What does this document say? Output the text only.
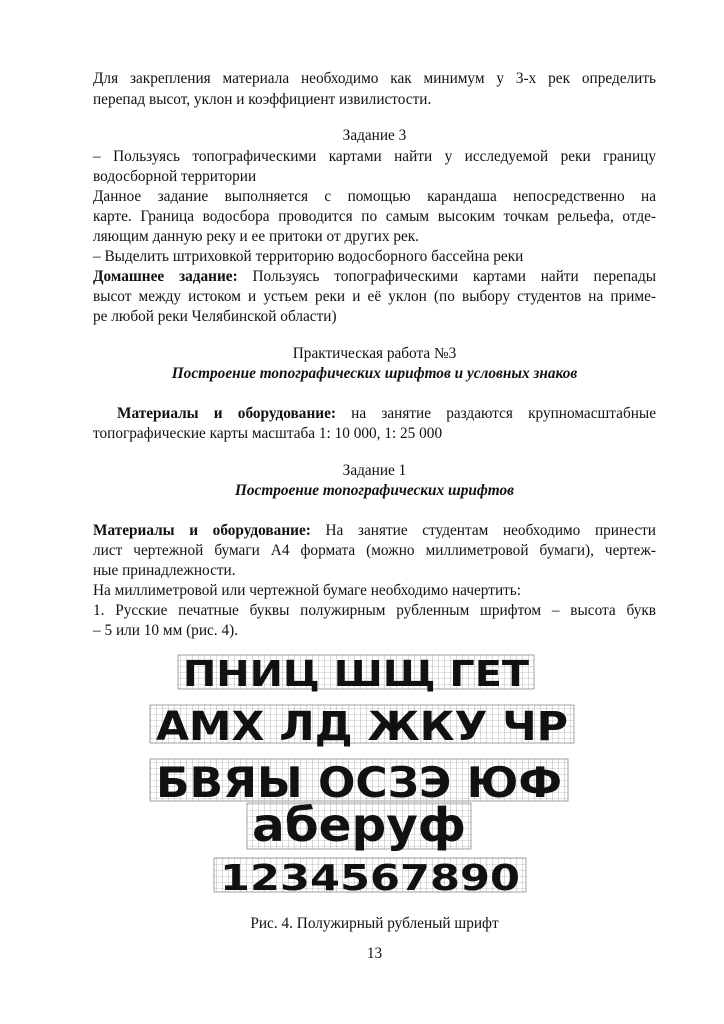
Для закрепления материала необходимо как минимум у 3-х рек определить
перепад высот, уклон и коэффициент извилистости.
Задание 3
– Пользуясь топографическими картами найти у исследуемой реки границу
водосборной территории
Данное задание выполняется с помощью карандаша непосредственно на
карте. Граница водосбора проводится по самым высоким точкам рельефа, отде-
ляющим данную реку и ее притоки от других рек.
– Выделить штриховкой территорию водосборного бассейна реки
Домашнее задание: Пользуясь топографическими картами найти перепады
высот между истоком и устьем реки и её уклон (по выбору студентов на приме-
ре любой реки Челябинской области)
Практическая работа №3
Построение топографических шрифтов и условных знаков
Материалы и оборудование: на занятие раздаются крупномасштабные
топографические карты масштаба 1: 10 000, 1: 25 000
Задание 1
Построение топографических шрифтов
Материалы и оборудование: На занятие студентам необходимо принести
лист чертежной бумаги А4 формата (можно миллиметровой бумаги), чертеж-
ные принадлежности.
На миллиметровой или чертежной бумаге необходимо начертить:
1. Русские печатные буквы полужирным рубленным шрифтом – высота букв
– 5 или 10 мм (рис. 4).
ПНИЦ ШЩ ГЕТ
АМХ ЛД ЖКУ ЧР
БВЯЫ ОСЗЭ ЮФ
аберуф
1234567890
Рис. 4. Полужирный рубленый шрифт
13
